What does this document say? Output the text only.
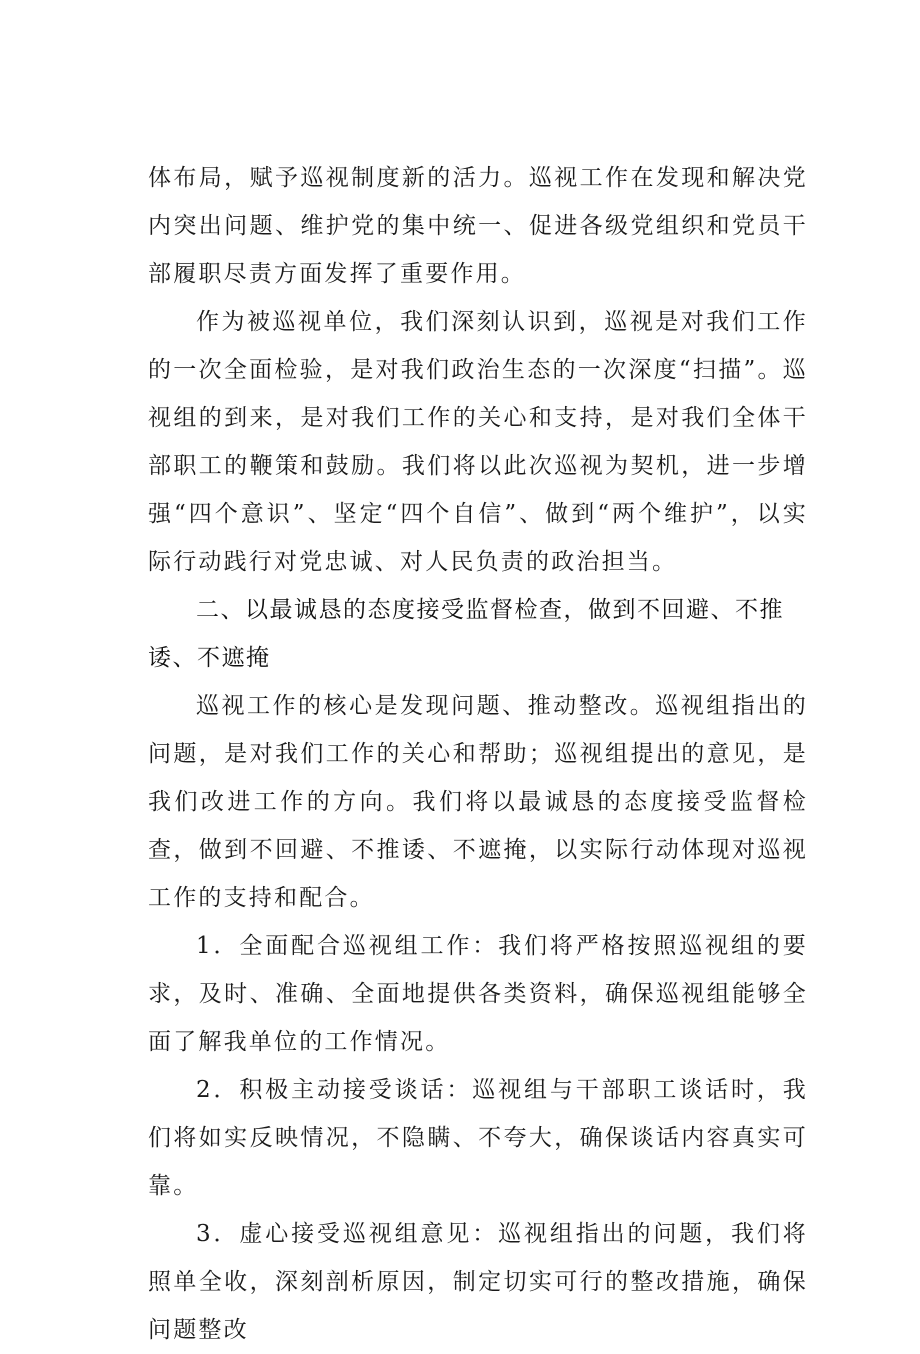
体布局，赋予巡视制度新的活力。巡视工作在发现和解决党内突出问题、维护党的集中统一、促进各级党组织和党员干部履职尽责方面发挥了重要作用。

作为被巡视单位，我们深刻认识到，巡视是对我们工作的一次全面检验，是对我们政治生态的一次深度“扫描”。巡视组的到来，是对我们工作的关心和支持，是对我们全体干部职工的鞭策和鼓励。我们将以此次巡视为契机，进一步增强“四个意识”、坚定“四个自信”、做到“两个维护”，以实际行动践行对党忠诚、对人民负责的政治担当。

二、以最诚恳的态度接受监督检查，做到不回避、不推诿、不遮掩

巡视工作的核心是发现问题、推动整改。巡视组指出的问题，是对我们工作的关心和帮助；巡视组提出的意见，是我们改进工作的方向。我们将以最诚恳的态度接受监督检查，做到不回避、不推诿、不遮掩，以实际行动体现对巡视工作的支持和配合。

1．全面配合巡视组工作：我们将严格按照巡视组的要求，及时、准确、全面地提供各类资料，确保巡视组能够全面了解我单位的工作情况。

2．积极主动接受谈话：巡视组与干部职工谈话时，我们将如实反映情况，不隐瞒、不夸大，确保谈话内容真实可靠。

3．虚心接受巡视组意见：巡视组指出的问题，我们将照单全收，深刻剖析原因，制定切实可行的整改措施，确保问题整改
